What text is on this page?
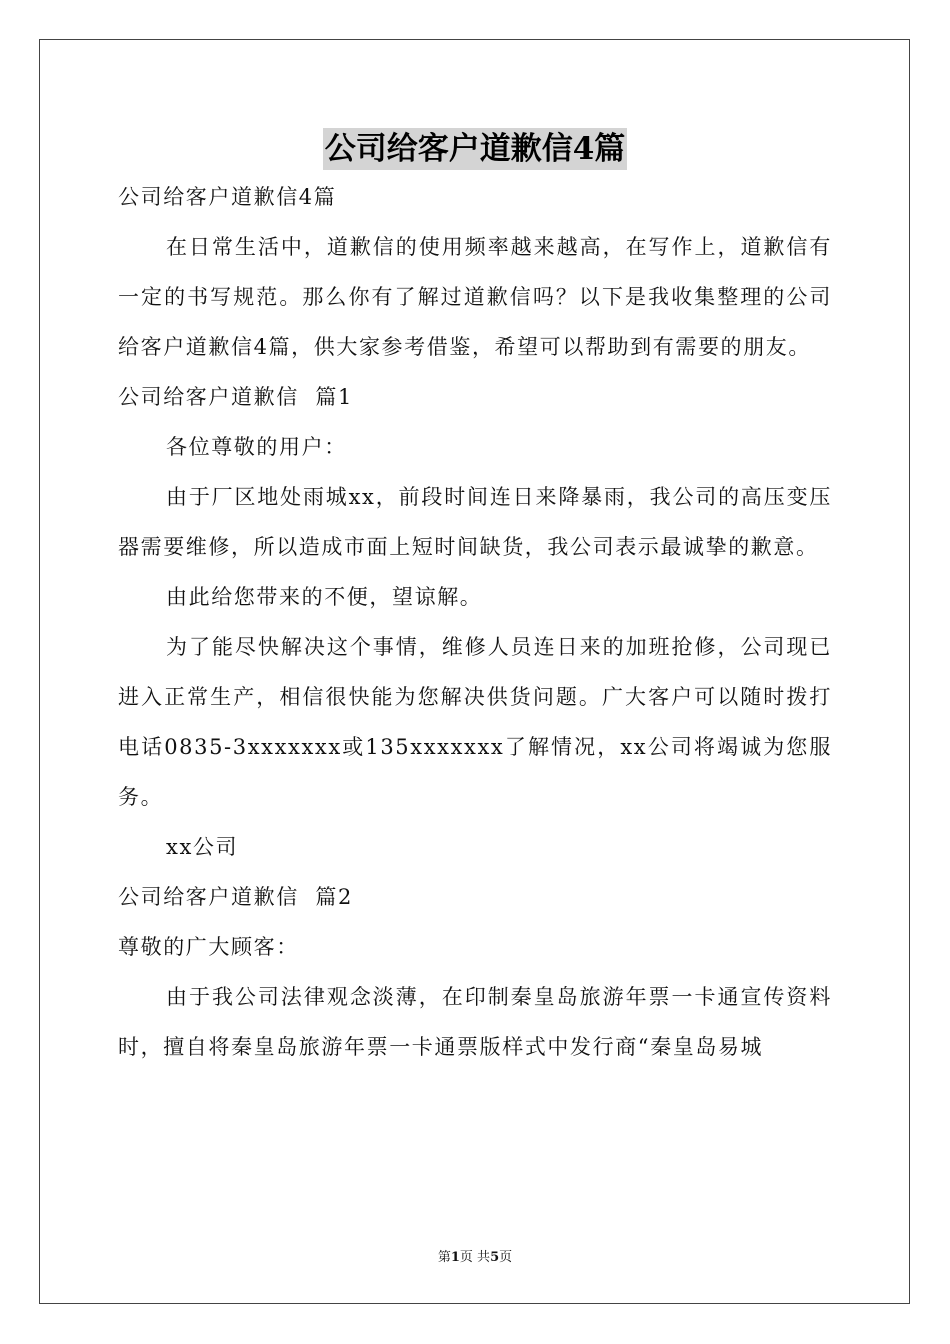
公司给客户道歉信4篇

公司给客户道歉信4篇

在日常生活中，道歉信的使用频率越来越高，在写作上，道歉信有一定的书写规范。那么你有了解过道歉信吗？以下是我收集整理的公司给客户道歉信4篇，供大家参考借鉴，希望可以帮助到有需要的朋友。

公司给客户道歉信  篇1

各位尊敬的用户：

由于厂区地处雨城xx，前段时间连日来降暴雨，我公司的高压变压器需要维修，所以造成市面上短时间缺货，我公司表示最诚挚的歉意。

由此给您带来的不便，望谅解。

为了能尽快解决这个事情，维修人员连日来的加班抢修，公司现已进入正常生产，相信很快能为您解决供货问题。广大客户可以随时拨打电话0835-3xxxxxxx或135xxxxxxx了解情况，xx公司将竭诚为您服务。

xx公司

公司给客户道歉信  篇2

尊敬的广大顾客：

由于我公司法律观念淡薄，在印制秦皇岛旅游年票一卡通宣传资料时，擅自将秦皇岛旅游年票一卡通票版样式中发行商“秦皇岛易城

第1页 共5页
